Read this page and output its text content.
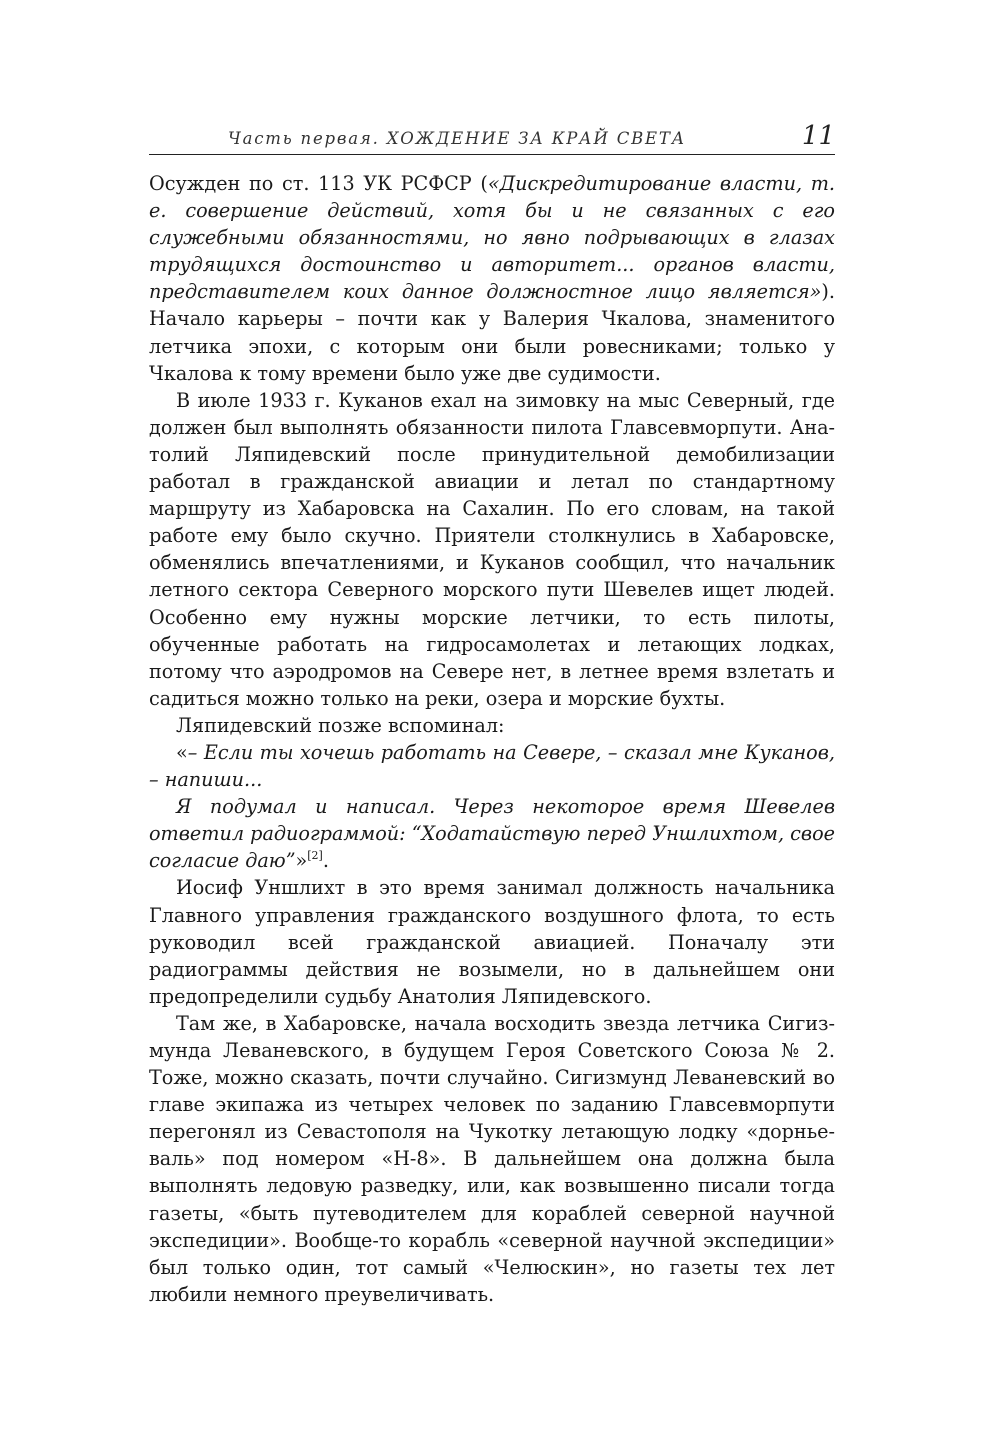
Часть первая. ХОЖДЕНИЕ ЗА КРАЙ СВЕТА	11

Осужден по ст. 113 УК РСФСР («Дискредитирование власти, т. е. совершение действий, хотя бы и не связанных с его служебными обязанностями, но явно подрывающих в глазах трудящихся достоинство и авторитет... органов власти, представителем коих данное должностное лицо является»). Начало карьеры – почти как у Валерия Чкалова, знаменитого летчика эпохи, с которым они были ровесниками; только у Чкалова к тому времени было уже две судимости.

В июле 1933 г. Куканов ехал на зимовку на мыс Северный, где должен был выполнять обязанности пилота Главсевморпути. Анатолий Ляпидевский после принудительной демобилизации работал в гражданской авиации и летал по стандартному маршруту из Хабаровска на Сахалин. По его словам, на такой работе ему было скучно. Приятели столкнулись в Хабаровске, обменялись впечатлениями, и Куканов сообщил, что начальник летного сектора Северного морского пути Шевелев ищет людей. Особенно ему нужны морские летчики, то есть пилоты, обученные работать на гидросамолетах и летающих лодках, потому что аэродромов на Севере нет, в летнее время взлетать и садиться можно только на реки, озера и морские бухты.

Ляпидевский позже вспоминал:

«– Если ты хочешь работать на Севере, – сказал мне Куканов, – напиши...

Я подумал и написал. Через некоторое время Шевелев ответил радиограммой: “Ходатайствую перед Уншлихтом, свое согласие даю”»[2].

Иосиф Уншлихт в это время занимал должность начальника Главного управления гражданского воздушного флота, то есть руководил всей гражданской авиацией. Поначалу эти радиограммы действия не возымели, но в дальнейшем они предопределили судьбу Анатолия Ляпидевского.

Там же, в Хабаровске, начала восходить звезда летчика Сигизмунда Леваневского, в будущем Героя Советского Союза № 2. Тоже, можно сказать, почти случайно. Сигизмунд Леваневский во главе экипажа из четырех человек по заданию Главсевморпути перегонял из Севастополя на Чукотку летающую лодку «дорнье-валь» под номером «Н-8». В дальнейшем она должна была выполнять ледовую разведку, или, как возвышенно писали тогда газеты, «быть путеводителем для кораблей северной научной экспедиции». Вообще-то корабль «северной научной экспедиции» был только один, тот самый «Челюскин», но газеты тех лет любили немного преувеличивать.
